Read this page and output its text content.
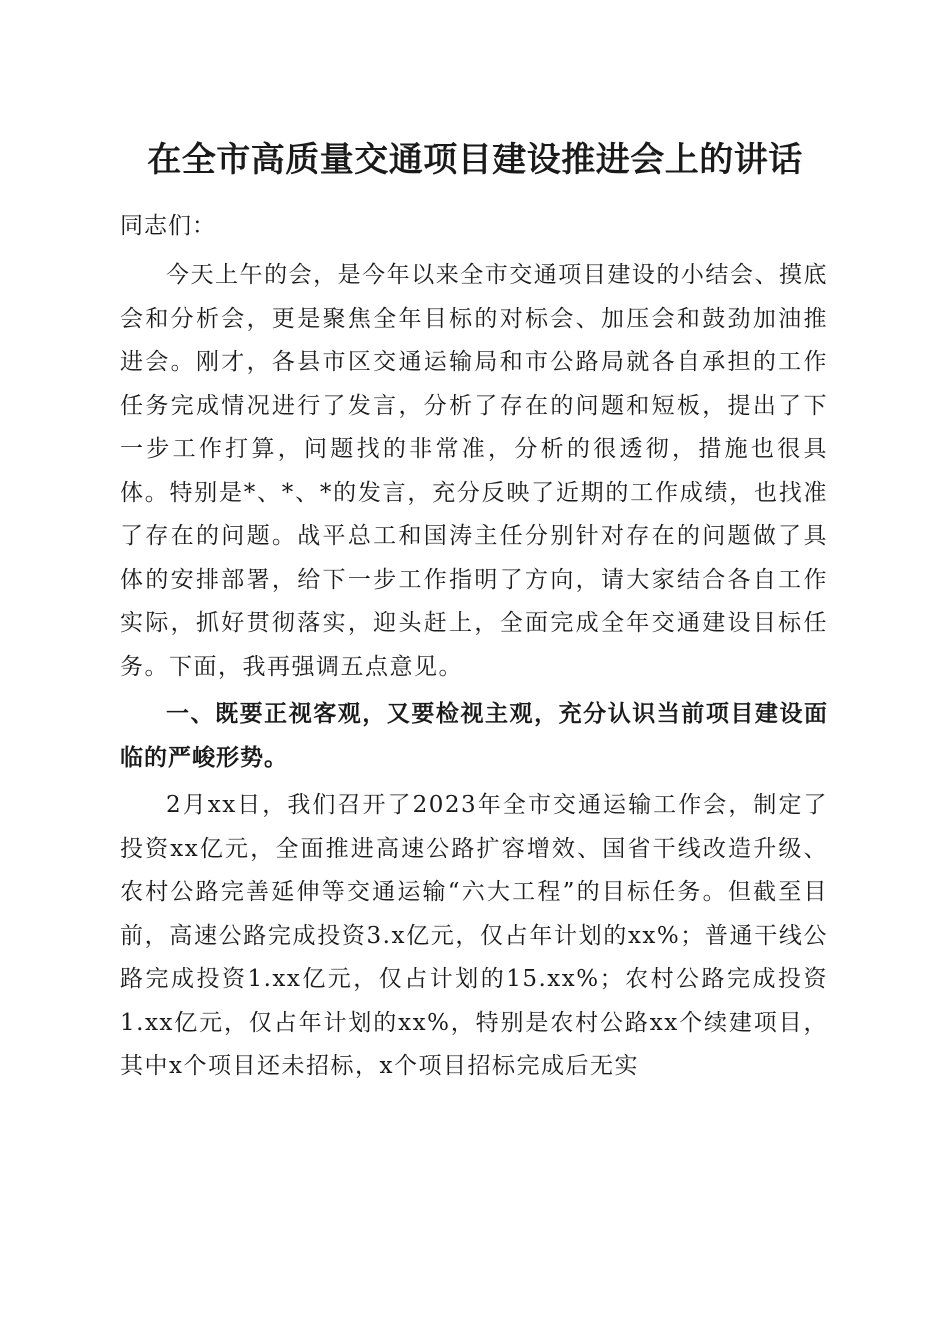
在全市高质量交通项目建设推进会上的讲话

同志们：

今天上午的会，是今年以来全市交通项目建设的小结会、摸底会和分析会，更是聚焦全年目标的对标会、加压会和鼓劲加油推进会。刚才，各县市区交通运输局和市公路局就各自承担的工作任务完成情况进行了发言，分析了存在的问题和短板，提出了下一步工作打算，问题找的非常准，分析的很透彻，措施也很具体。特别是*、*、*的发言，充分反映了近期的工作成绩，也找准了存在的问题。战平总工和国涛主任分别针对存在的问题做了具体的安排部署，给下一步工作指明了方向，请大家结合各自工作实际，抓好贯彻落实，迎头赶上，全面完成全年交通建设目标任务。下面，我再强调五点意见。

一、既要正视客观，又要检视主观，充分认识当前项目建设面临的严峻形势。

2月xx日，我们召开了2023年全市交通运输工作会，制定了投资xx亿元，全面推进高速公路扩容增效、国省干线改造升级、农村公路完善延伸等交通运输“六大工程”的目标任务。但截至目前，高速公路完成投资3.x亿元，仅占年计划的xx%；普通干线公路完成投资1.xx亿元，仅占计划的15.xx%；农村公路完成投资1.xx亿元，仅占年计划的xx%，特别是农村公路xx个续建项目，其中x个项目还未招标，x个项目招标完成后无实
